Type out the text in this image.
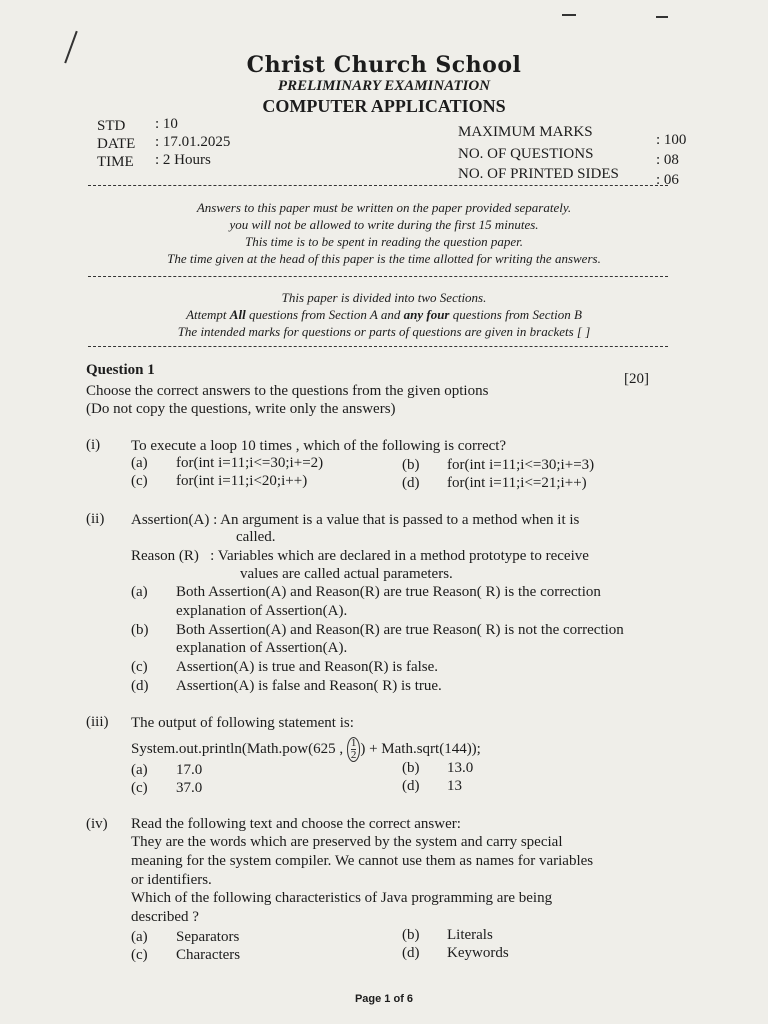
Christ Church School
PRELIMINARY EXAMINATION
COMPUTER APPLICATIONS
STD : 10
DATE : 17.01.2025
TIME : 2 Hours
MAXIMUM MARKS	: 100
NO. OF QUESTIONS	: 08
NO. OF PRINTED SIDES : 06
Answers to this paper must be written on the paper provided separately.
you will not be allowed to write during the first 15 minutes.
This time is to be spent in reading the question paper.
The time given at the head of this paper is the time allotted for writing the answers.
This paper is divided into two Sections.
Attempt All questions from Section A and any four questions from Section B
The intended marks for questions or parts of questions are given in brackets [ ]
Question 1
[20]
Choose the correct answers to the questions from the given options
(Do not copy the questions, write only the answers)
(i) To execute a loop 10 times , which of the following is correct?
(a) for(int i=11;i<=30;i+=2)	(b) for(int i=11;i<=30;i+=3)
(c) for(int i=11;i<20;i++)	(d) for(int i=11;i<=21;i++)
(ii) Assertion(A) : An argument is a value that is passed to a method when it is
called.
Reason (R)   : Variables which are declared in a method prototype to receive
values are called actual parameters.
(a) Both Assertion(A) and Reason(R) are true Reason( R) is the correction
explanation of Assertion(A).
(b) Both Assertion(A) and Reason(R) are true Reason( R) is not the correction
explanation of Assertion(A).
(c) Assertion(A) is true and Reason(R) is false.
(d) Assertion(A) is false and Reason( R) is true.
(iii) The output of following statement is:
System.out.println(Math.pow(625 , $\frac{1}{2}$) + Math.sqrt(144));
(a) 17.0	(b) 13.0
(c) 37.0	(d) 13
(iv) Read the following text and choose the correct answer:
They are the words which are preserved by the system and carry special
meaning for the system compiler. We cannot use them as names for variables
or identifiers.
Which of the following characteristics of Java programming are being
described ?
(a) Separators	(b) Literals
(c) Characters	(d) Keywords
Page 1 of 6
